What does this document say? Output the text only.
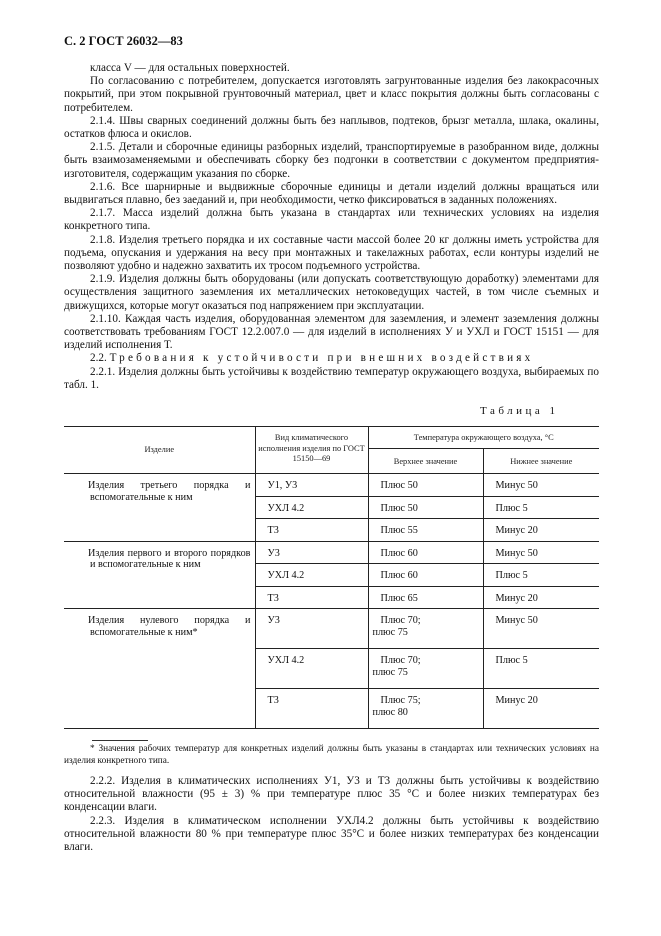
С. 2 ГОСТ 26032—83

класса V — для остальных поверхностей.

По согласованию с потребителем, допускается изготовлять загрунтованные изделия без лакокрасочных покрытий, при этом покрывной грунтовочный материал, цвет и класс покрытия должны быть согласованы с потребителем.

2.1.4. Швы сварных соединений должны быть без наплывов, подтеков, брызг металла, шлака, окалины, остатков флюса и окислов.

2.1.5. Детали и сборочные единицы разборных изделий, транспортируемые в разобранном виде, должны быть взаимозаменяемыми и обеспечивать сборку без подгонки в соответствии с документом предприятия-изготовителя, содержащим указания по сборке.

2.1.6. Все шарнирные и выдвижные сборочные единицы и детали изделий должны вращаться или выдвигаться плавно, без заеданий и, при необходимости, четко фиксироваться в заданных положениях.

2.1.7. Масса изделий должна быть указана в стандартах или технических условиях на изделия конкретного типа.

2.1.8. Изделия третьего порядка и их составные части массой более 20 кг должны иметь устройства для подъема, опускания и удержания на весу при монтажных и такелажных работах, если контуры изделий не позволяют удобно и надежно захватить их тросом подъемного устройства.

2.1.9. Изделия должны быть оборудованы (или допускать соответствующую доработку) элементами для осуществления защитного заземления их металлических нетоковедущих частей, в том числе съемных и движущихся, которые могут оказаться под напряжением при эксплуатации.

2.1.10. Каждая часть изделия, оборудованная элементом для заземления, и элемент заземления должны соответствовать требованиям ГОСТ 12.2.007.0 — для изделий в исполнениях У и УХЛ и ГОСТ 15151 — для изделий исполнения Т.

2.2. Требования к устойчивости при внешних воздействиях

2.2.1. Изделия должны быть устойчивы к воздействию температур окружающего воздуха, выбираемых по табл. 1.

Таблица 1
Изделие	Вид климатического исполнения изделия по ГОСТ 15150—69	Температура окружающего воздуха, °С	
		Верхнее значение	Нижнее значение
Изделия третьего порядка и вспомогательные к ним	У1, У3	Плюс 50	Минус 50
	УХЛ 4.2	Плюс 50	Плюс 5
	Т3	Плюс 55	Минус 20
Изделия первого и второго порядков и вспомогательные к ним	У3	Плюс 60	Минус 50
	УХЛ 4.2	Плюс 60	Плюс 5
	Т3	Плюс 65	Минус 20
Изделия нулевого порядка и вспомогательные к ним*	У3	Плюс 70;
плюс 75	Минус 50
	УХЛ 4.2	Плюс 70;
плюс 75	Плюс 5
	Т3	Плюс 75;
плюс 80	Минус 20

* Значения рабочих температур для конкретных изделий должны быть указаны в стандартах или технических условиях на изделия конкретного типа.

2.2.2. Изделия в климатических исполнениях У1, У3 и Т3 должны быть устойчивы к воздействию относительной влажности (95 ± 3) % при температуре плюс 35 °С и более низких температурах без конденсации влаги.

2.2.3. Изделия в климатическом исполнении УХЛ4.2 должны быть устойчивы к воздействию относительной влажности 80 % при температуре плюс 35°С и более низких температурах без конденсации влаги.
